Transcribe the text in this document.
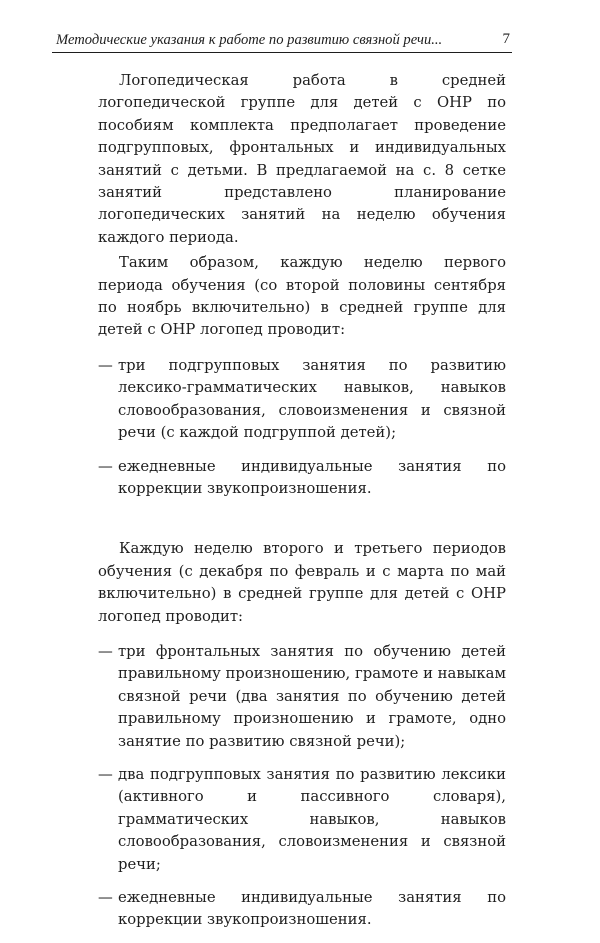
Методические указания к работе по развитию связной речи...	7

Логопедическая работа в средней логопедической группе для детей с ОНР по пособиям комплекта предполагает проведение подгрупповых, фронтальных и индивидуальных занятий с детьми. В предлагаемой на с. 8 сетке занятий представлено планирование логопедических занятий на неделю обучения каждого периода.

Таким образом, каждую неделю первого периода обучения (со второй половины сентября по ноябрь включительно) в средней группе для детей с ОНР логопед проводит:

— три подгрупповых занятия по развитию лексико-грамматических навыков, навыков словообразования, словоизменения и связной речи (с каждой подгруппой детей);
— ежедневные индивидуальные занятия по коррекции звукопроизношения.

Каждую неделю второго и третьего периодов обучения (с декабря по февраль и с марта по май включительно) в средней группе для детей с ОНР логопед проводит:

— три фронтальных занятия по обучению детей правильному произношению, грамоте и навыкам связной речи (два занятия по обучению детей правильному произношению и грамоте, одно занятие по развитию связной речи);
— два подгрупповых занятия по развитию лексики (активного и пассивного словаря), грамматических навыков, навыков словообразования, словоизменения и связной речи;
— ежедневные индивидуальные занятия по коррекции звукопроизношения.
